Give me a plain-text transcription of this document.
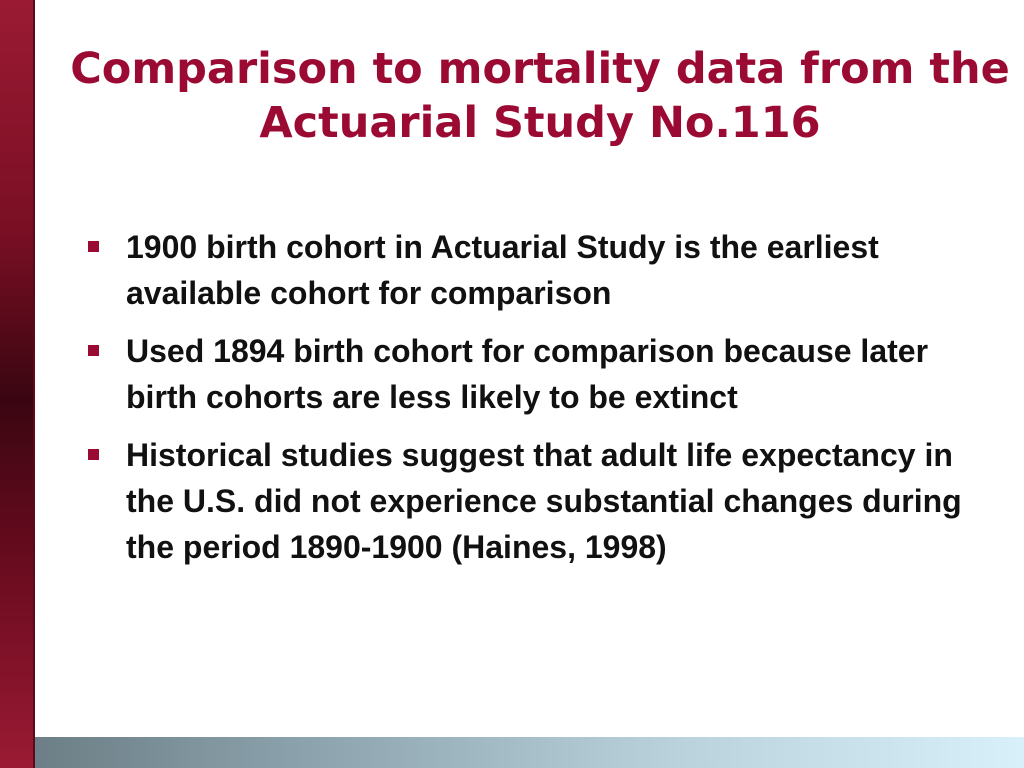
Comparison to mortality data from the Actuarial Study No.116
1900 birth cohort in Actuarial Study is the earliest available cohort for comparison
Used 1894 birth cohort for comparison because later birth cohorts are less likely to be extinct
Historical studies suggest that adult life expectancy in the U.S. did not experience substantial changes during the period 1890-1900 (Haines, 1998)
